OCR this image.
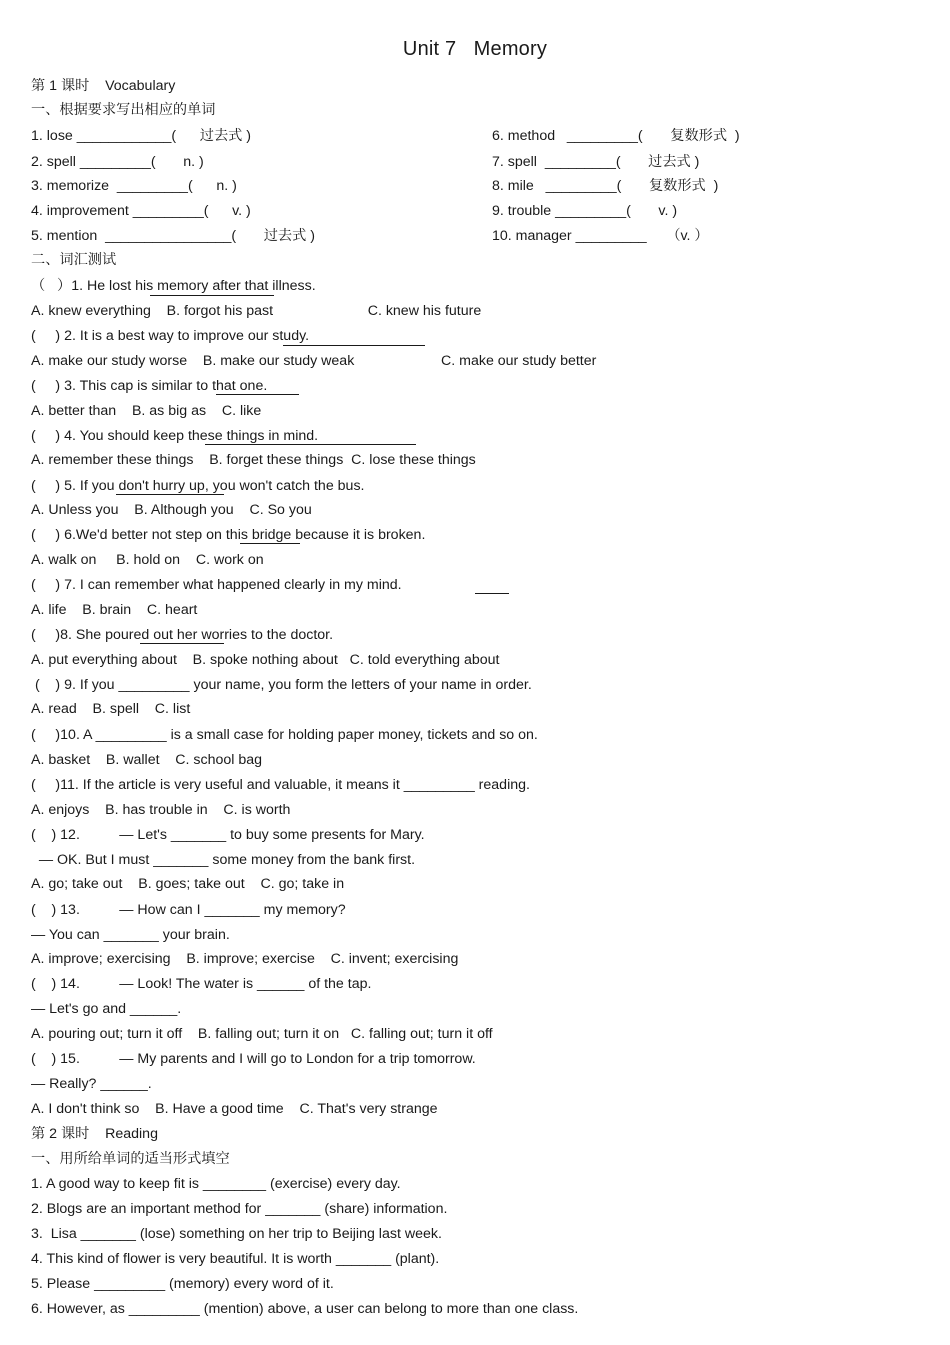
Unit 7   Memory
第 1 课时    Vocabulary
一、根据要求写出相应的单词
1. lose ____________(      过去式 )
2. spell _________(       n. )
3. memorize  _________(      n. )
4. improvement _________(      v. )
5. mention  ________________(       过去式 )
6. method   _________(       复数形式  )
7. spell  _________(       过去式 )
8. mile   _________(       复数形式  )
9. trouble _________(       v. )
10. manager _________     （v. ）
二、词汇测试
（   ）1. He lost his memory after that illness.
A. knew everything    B. forgot his past                        C. knew his future
(     ) 2. It is a best way to improve our study.
A. make our study worse    B. make our study weak                      C. make our study better
(     ) 3. This cap is similar to that one.
A. better than    B. as big as    C. like
(     ) 4. You should keep these things in mind.
A. remember these things    B. forget these things  C. lose these things
(     ) 5. If you don't hurry up, you won't catch the bus.
A. Unless you    B. Although you    C. So you
(     ) 6.We'd better not step on this bridge because it is broken.
A. walk on     B. hold on    C. work on
(     ) 7. I can remember what happened clearly in my mind.
A. life    B. brain    C. heart
(     )8. She poured out her worries to the doctor.
A. put everything about    B. spoke nothing about   C. told everything about
(    ) 9. If you _________ your name, you form the letters of your name in order.
A. read    B. spell    C. list
(     )10. A _________ is a small case for holding paper money, tickets and so on.
A. basket    B. wallet    C. school bag
(     )11. If the article is very useful and valuable, it means it _________ reading.
A. enjoys    B. has trouble in    C. is worth
(    ) 12.          — Let's _______ to buy some presents for Mary.
— OK. But I must _______ some money from the bank first.
A. go; take out    B. goes; take out    C. go; take in
(    ) 13.          — How can I _______ my memory?
— You can _______ your brain.
A. improve; exercising    B. improve; exercise    C. invent; exercising
(    ) 14.          — Look! The water is ______ of the tap.
— Let's go and ______.
A. pouring out; turn it off    B. falling out; turn it on   C. falling out; turn it off
(    ) 15.          — My parents and I will go to London for a trip tomorrow.
— Really? ______.
A. I don't think so    B. Have a good time    C. That's very strange
第 2 课时    Reading
一、用所给单词的适当形式填空
1. A good way to keep fit is ________ (exercise) every day.
2. Blogs are an important method for _______ (share) information.
3.  Lisa _______ (lose) something on her trip to Beijing last week.
4. This kind of flower is very beautiful. It is worth _______ (plant).
5. Please _________ (memory) every word of it.
6. However, as _________ (mention) above, a user can belong to more than one class.
